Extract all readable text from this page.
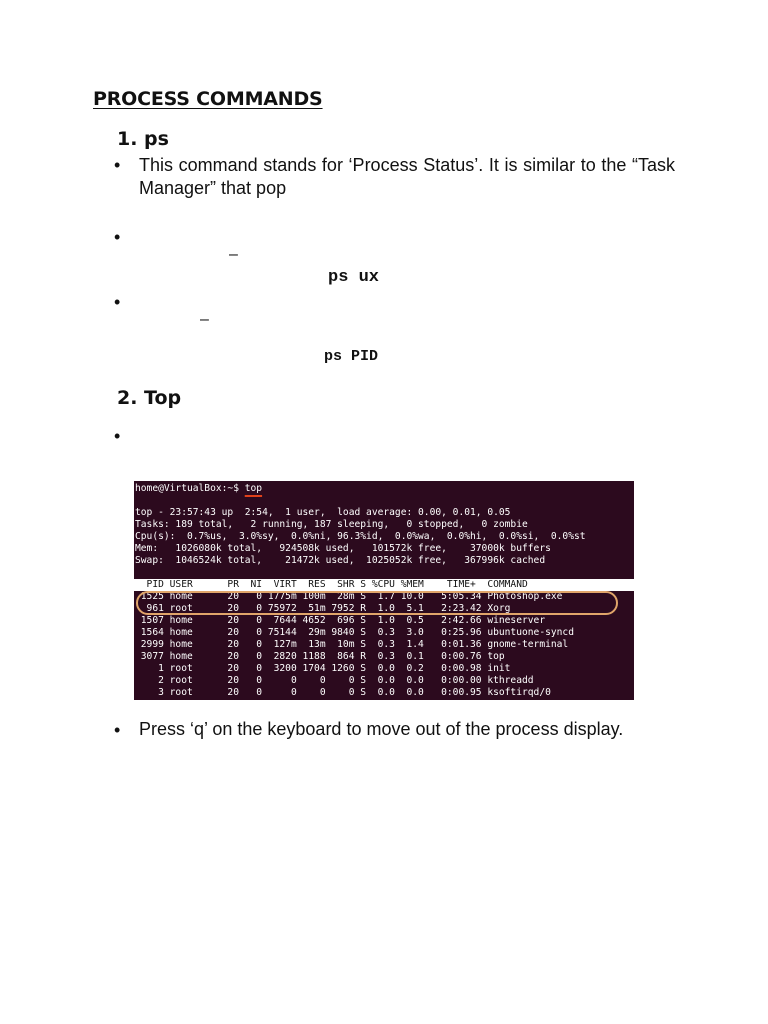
PROCESS COMMANDS
1. ps
• This command stands for ‘Process Status’. It is similar to the “Task Manager” that pop

•
–
ps ux
•
–
ps PID
2. Top
•
home@VirtualBox:~$ top
top - 23:57:43 up  2:54,  1 user,  load average: 0.00, 0.01, 0.05
Tasks: 189 total,   2 running, 187 sleeping,   0 stopped,   0 zombie
Cpu(s):  0.7%us,  3.0%sy,  0.0%ni, 96.3%id,  0.0%wa,  0.0%hi,  0.0%si,  0.0%st
Mem:   1026080k total,   924508k used,   101572k free,    37000k buffers
Swap:  1046524k total,    21472k used,  1025052k free,   367996k cached
PID USER      PR  NI  VIRT  RES  SHR S %CPU %MEM    TIME+  COMMAND
1525 home      20   0 1775m 100m  28m S  1.7 10.0   5:05.34 Photoshop.exe
961 root      20   0 75972  51m 7952 R  1.0  5.1   2:23.42 Xorg
1507 home      20   0  7644 4652  696 S  1.0  0.5   2:42.66 wineserver
1564 home      20   0 75144  29m 9840 S  0.3  3.0   0:25.96 ubuntuone-syncd
2999 home      20   0  127m  13m  10m S  0.3  1.4   0:01.36 gnome-terminal
3077 home      20   0  2820 1188  864 R  0.3  0.1   0:00.76 top
1 root      20   0  3200 1704 1260 S  0.0  0.2   0:00.98 init
2 root      20   0     0    0    0 S  0.0  0.0   0:00.00 kthreadd
3 root      20   0     0    0    0 S  0.0  0.0   0:00.95 ksoftirqd/0
• Press ‘q’ on the keyboard to move out of the process display.
